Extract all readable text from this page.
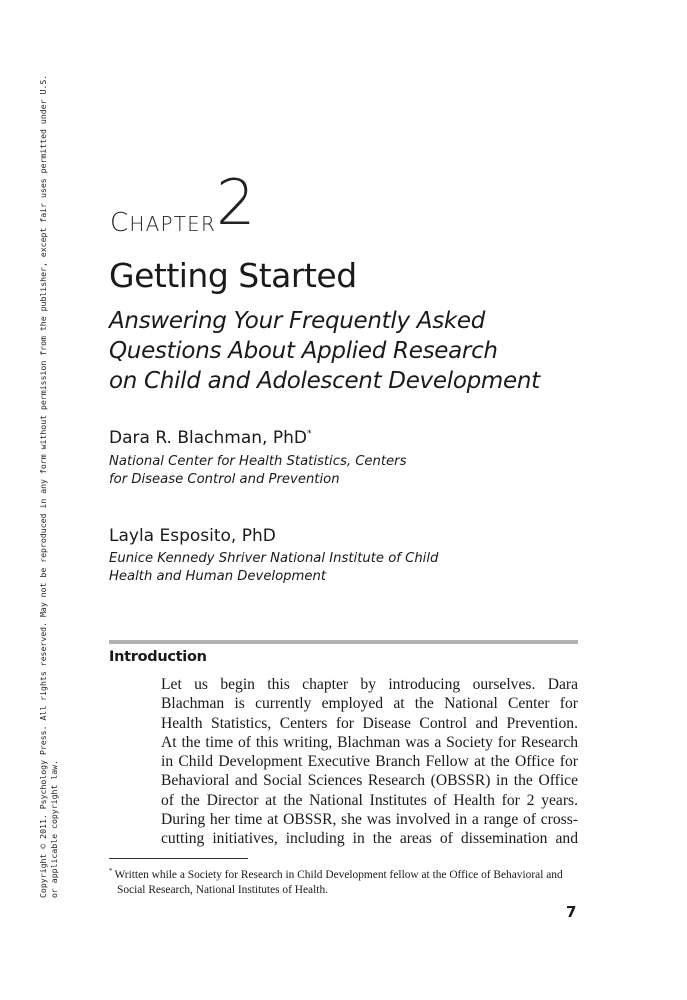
Copyright © 2011. Psychology Press. All rights reserved. May not be reproduced in any form without permission from the publisher, except fair uses permitted under U.S. or applicable copyright law.
CHAPTER 2
Getting Started
Answering Your Frequently Asked
Questions About Applied Research
on Child and Adolescent Development
Dara R. Blachman, PhD*
National Center for Health Statistics, Centers
for Disease Control and Prevention
Layla Esposito, PhD
Eunice Kennedy Shriver National Institute of Child
Health and Human Development
Introduction
Let us begin this chapter by introducing ourselves. Dara
Blachman is currently employed at the National Center for
Health Statistics, Centers for Disease Control and Prevention.
At the time of this writing, Blachman was a Society for Research
in Child Development Executive Branch Fellow at the Office for
Behavioral and Social Sciences Research (OBSSR) in the Office
of the Director at the National Institutes of Health for 2 years.
During her time at OBSSR, she was involved in a range of cross-
cutting initiatives, including in the areas of dissemination and
* Written while a Society for Research in Child Development fellow at the Office of Behavioral and
Social Research, National Institutes of Health.
7
